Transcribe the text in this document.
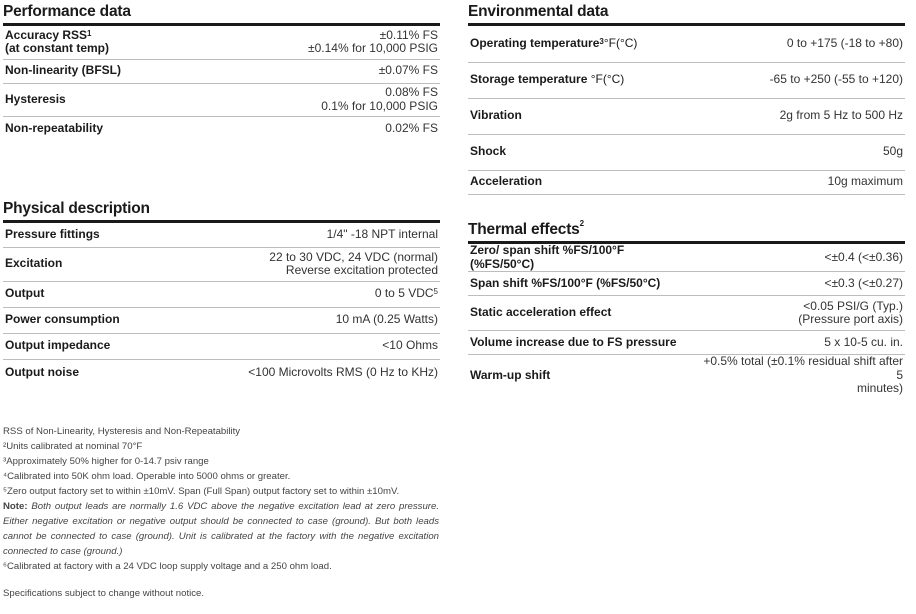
Performance data
Accuracy RSS$^1$
(at constant temp)	±0.11% FS
±0.14% for 10,000 PSIG
Non-linearity (BFSL)	±0.07% FS
Hysteresis	0.08% FS
0.1% for 10,000 PSIG
Non-repeatability	0.02% FS
Physical description
Pressure fittings	1/4" -18 NPT internal
Excitation	22 to 30 VDC, 24 VDC (normal)
Reverse excitation protected
Output	0 to 5 VDC$^5$
Power consumption	10 mA (0.25 Watts)
Output impedance	<10 Ohms
Output noise	<100 Microvolts RMS (0 Hz to KHz)
Environmental data
Operating temperature$^3$°F(°C)	0 to +175 (-18 to +80)
Storage temperature °F(°C)	-65 to +250 (-55 to +120)
Vibration	2g from 5 Hz to 500 Hz
Shock	50g
Acceleration	10g maximum
Thermal effects$^2$
Zero/ span shift %FS/100°F (%FS/50°C)	<±0.4 (<±0.36)
Span shift %FS/100°F (%FS/50°C)	<±0.3 (<±0.27)
Static acceleration effect	<0.05 PSI/G (Typ.)
(Pressure port axis)
Volume increase due to FS pressure	5 x 10-5 cu. in.
Warm-up shift	+0.5% total (±0.1% residual shift after 5
minutes)

RSS of Non-Linearity, Hysteresis and Non-Repeatability

²Units calibrated at nominal 70°F

³Approximately 50% higher for 0-14.7 psiv range

⁴Calibrated into 50K ohm load. Operable into 5000 ohms or greater.

⁵Zero output factory set to within ±10mV. Span (Full Span) output factory set to within ±10mV.

Note: Both output leads are normally 1.6 VDC above the negative excitation lead at zero pressure. Either negative excitation or negative output should be connected to case (ground). But both leads cannot be connected to case (ground). Unit is calibrated at the factory with the negative excitation connected to case (ground.)

⁶Calibrated at factory with a 24 VDC loop supply voltage and a 250 ohm load.

Specifications subject to change without notice.
